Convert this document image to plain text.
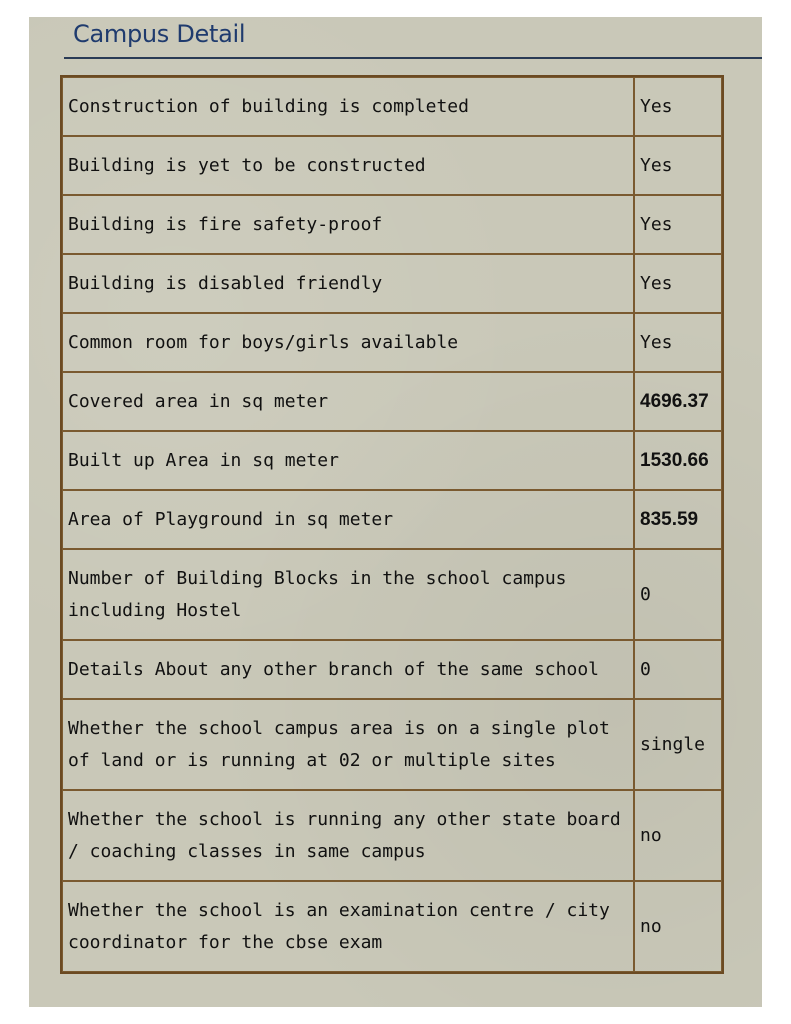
Campus Detail
Construction of building is completed	Yes
Building is yet to be constructed	Yes
Building is fire safety-proof	Yes
Building is disabled friendly	Yes
Common room for boys/girls available	Yes
Covered area in sq meter	4696.37
Built up Area in sq meter	1530.66
Area of Playground in sq meter	835.59
Number of Building Blocks in the school campus including Hostel	0
Details About any other branch of the same school	0
Whether the school campus area is on a single plot of land or is running at 02 or multiple sites	single
Whether the school is running any other state board / coaching classes in same campus	no
Whether the school is an examination centre / city coordinator for the cbse exam	no
